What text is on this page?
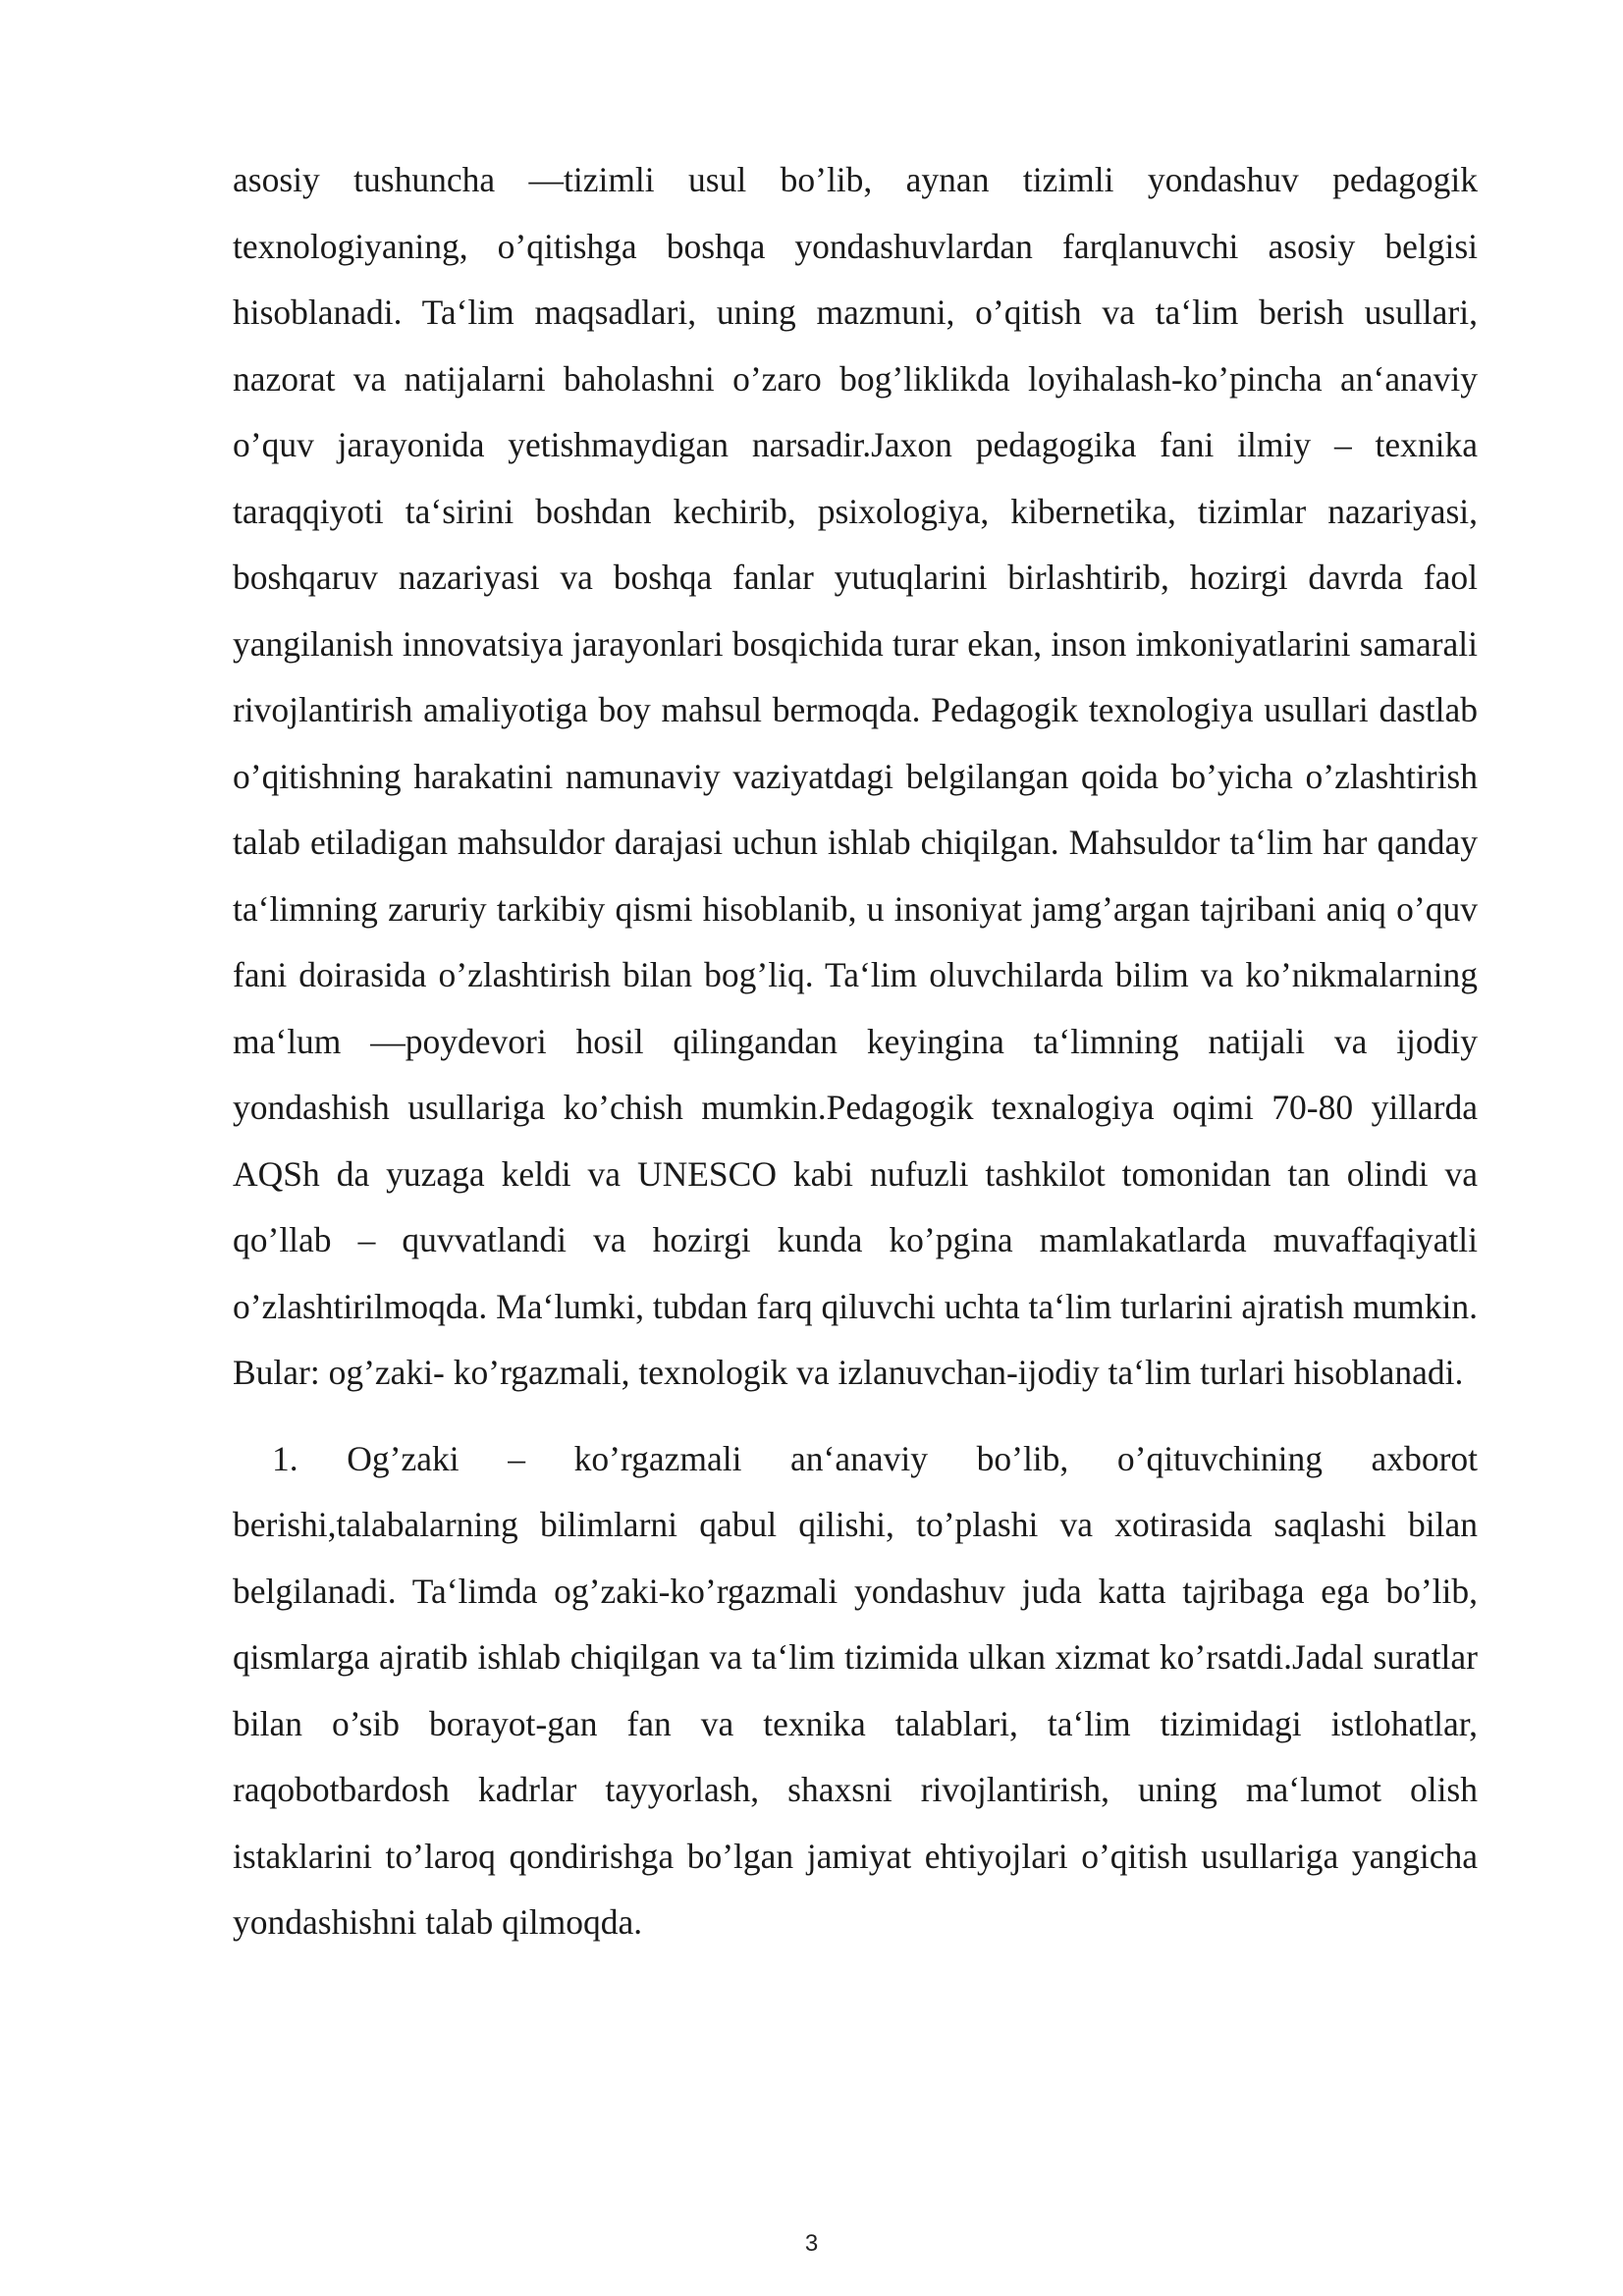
asosiy tushuncha ―tizimli usul bo’lib, aynan tizimli yondashuv pedagogik texnologiyaning, o’qitishga boshqa yondashuvlardan farqlanuvchi asosiy belgisi hisoblanadi. Ta‘lim maqsadlari, uning mazmuni, o’qitish va ta‘lim berish usullari, nazorat va natijalarni baholashni o’zaro bog’liklikda loyihalash-ko’pincha an‘anaviy o’quv jarayonida yetishmaydigan narsadir.Jaxon pedagogika fani ilmiy – texnika taraqqiyoti ta‘sirini boshdan kechirib, psixologiya, kibernetika, tizimlar nazariyasi, boshqaruv nazariyasi va boshqa fanlar yutuqlarini birlashtirib, hozirgi davrda faol yangilanish innovatsiya jarayonlari bosqichida turar ekan, inson imkoniyatlarini samarali rivojlantirish amaliyotiga boy mahsul bermoqda. Pedagogik texnologiya usullari dastlab o’qitishning harakatini namunaviy vaziyatdagi belgilangan qoida bo’yicha o’zlashtirish talab etiladigan mahsuldor darajasi uchun ishlab chiqilgan. Mahsuldor ta‘lim har qanday ta‘limning zaruriy tarkibiy qismi hisoblanib, u insoniyat jamg’argan tajribani aniq o’quv fani doirasida o’zlashtirish bilan bog’liq. Ta‘lim oluvchilarda bilim va ko’nikmalarning ma‘lum ―poydevori hosil qilingandan keyingina ta‘limning natijali va ijodiy yondashish usullariga ko’chish mumkin.Pedagogik texnalogiya oqimi 70-80 yillarda AQSh da yuzaga keldi va UNESCO kabi nufuzli tashkilot tomonidan tan olindi va qo’llab – quvvatlandi va hozirgi kunda ko’pgina mamlakatlarda muvaffaqiyatli o’zlashtirilmoqda. Ma‘lumki, tubdan farq qiluvchi uchta ta‘lim turlarini ajratish mumkin. Bular: og’zaki- ko’rgazmali, texnologik va izlanuvchan-ijodiy ta‘lim turlari hisoblanadi.

1. Og’zaki – ko’rgazmali an‘anaviy bo’lib, o’qituvchining axborot berishi,talabalarning bilimlarni qabul qilishi, to’plashi va xotirasida saqlashi bilan belgilanadi. Ta‘limda og’zaki-ko’rgazmali yondashuv juda katta tajribaga ega bo’lib, qismlarga ajratib ishlab chiqilgan va ta‘lim tizimida ulkan xizmat ko’rsatdi.Jadal suratlar bilan o’sib borayot-gan fan va texnika talablari, ta‘lim tizimidagi istlohatlar, raqobotbardosh kadrlar tayyorlash, shaxsni rivojlantirish, uning ma‘lumot olish istaklarini to’laroq qondirishga bo’lgan jamiyat ehtiyojlari o’qitish usullariga yangicha yondashishni talab qilmoqda.

3
